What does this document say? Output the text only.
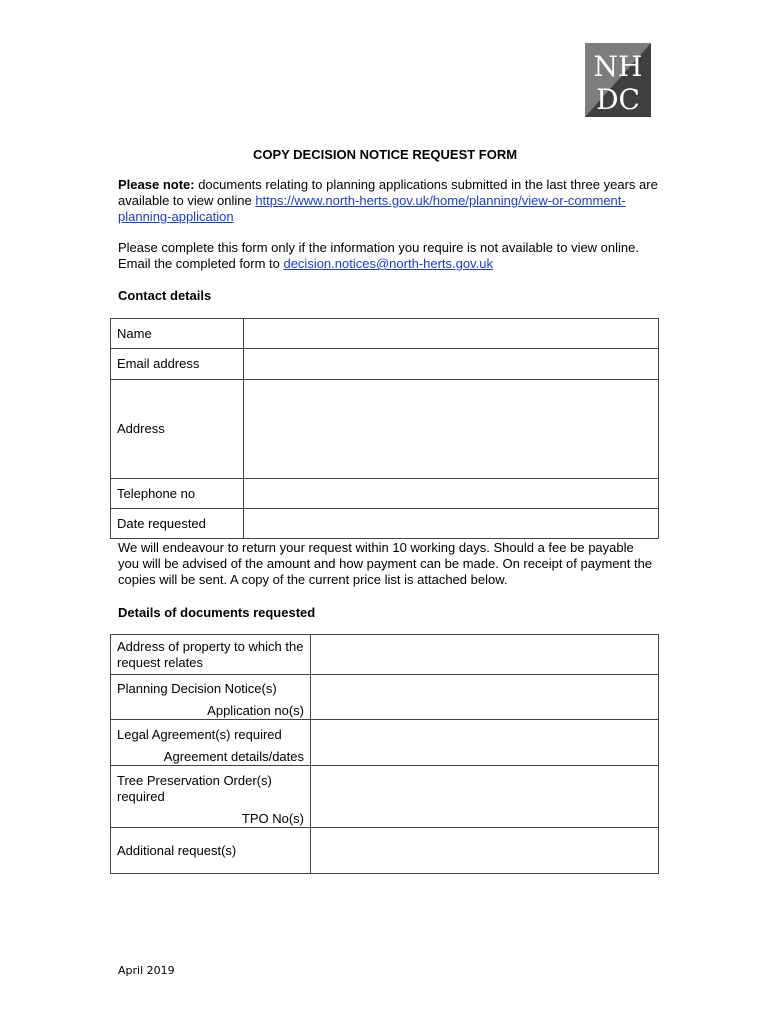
NH
DC
COPY DECISION NOTICE REQUEST FORM
Please note: documents relating to planning applications submitted in the last three years are available to view online https://www.north-herts.gov.uk/home/planning/view-or-comment-planning-application
Please complete this form only if the information you require is not available to view online.
Email the completed form to decision.notices@north-herts.gov.uk
Contact details
Name	
Email address	
Address	
Telephone no	
Date requested	
We will endeavour to return your request within 10 working days. Should a fee be payable you will be advised of the amount and how payment can be made. On receipt of payment the copies will be sent. A copy of the current price list is attached below.
Details of documents requested
Address of property to which the request relates	
Planning Decision Notice(s)
Application no(s)	

Legal Agreement(s) required
Agreement details/dates	

Tree Preservation Order(s) required
TPO No(s)	

Additional request(s)	
April 2019
